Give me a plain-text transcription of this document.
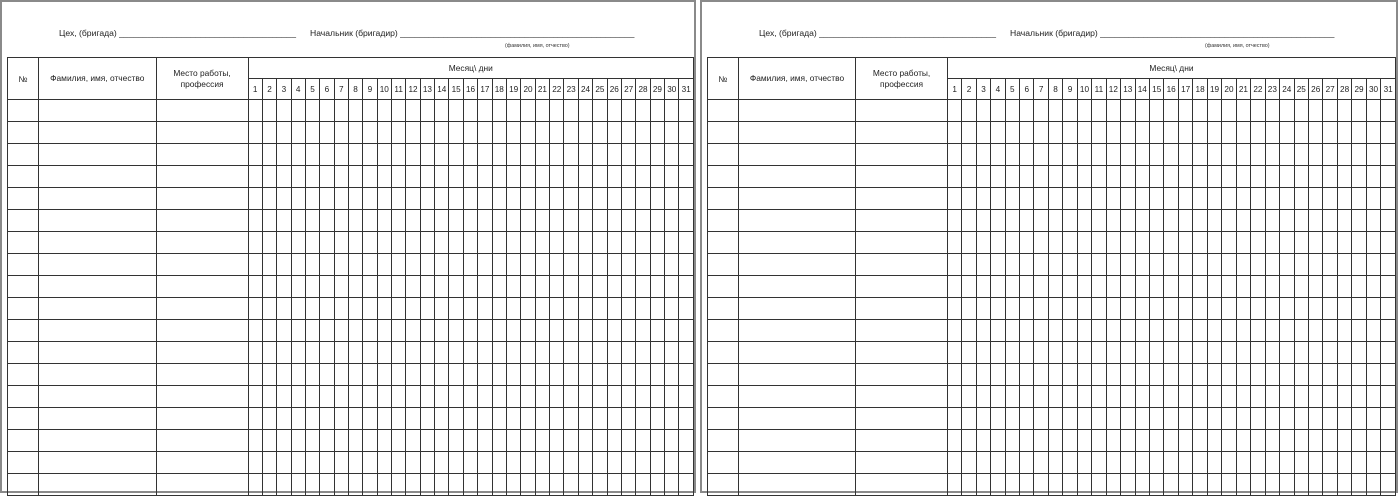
Цех, (бригада) _____________________________________ Начальник (бригадир) _________________________________________________
(фамилия, имя, отчество)
№	Фамилия, имя, отчество	Место работы, профессия	Месяц\ дни																														
			1	2	3	4	5	6	7	8	9	10	11	12	13	14	15	16	17	18	19	20	21	22	23	24	25	26	27	28	29	30	31

Цех, (бригада) _____________________________________ Начальник (бригадир) _________________________________________________
(фамилия, имя, отчество)
№	Фамилия, имя, отчество	Место работы, профессия	Месяц\ дни																														
			1	2	3	4	5	6	7	8	9	10	11	12	13	14	15	16	17	18	19	20	21	22	23	24	25	26	27	28	29	30	31
